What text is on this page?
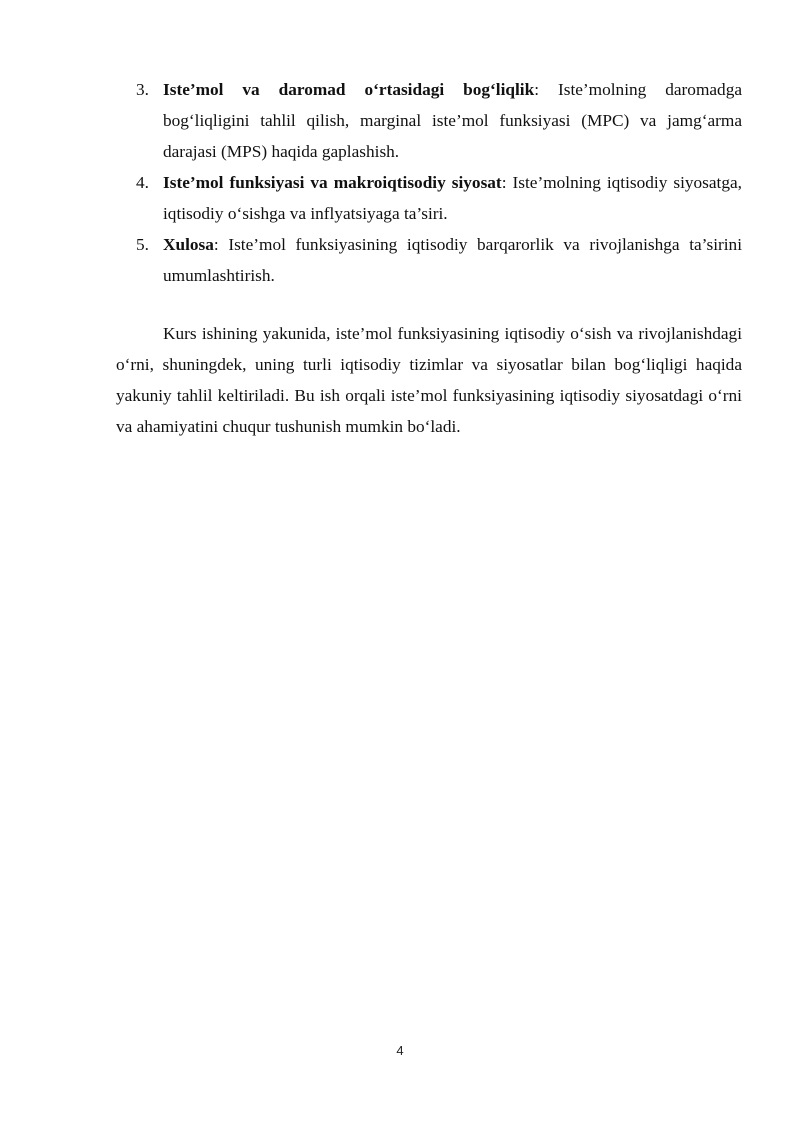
3. Iste’mol va daromad o‘rtasidagi bog‘liqlik: Iste’molning daromadga bog‘liqligini tahlil qilish, marginal iste’mol funksiyasi (MPC) va jamg‘arma darajasi (MPS) haqida gaplashish.
4. Iste’mol funksiyasi va makroiqtisodiy siyosat: Iste’molning iqtisodiy siyosatga, iqtisodiy o‘sishga va inflyatsiyaga ta’siri.
5. Xulosa: Iste’mol funksiyasining iqtisodiy barqarorlik va rivojlanishga ta’sirini umumlashtirish.

Kurs ishining yakunida, iste’mol funksiyasining iqtisodiy o‘sish va rivojlanishdagi o‘rni, shuningdek, uning turli iqtisodiy tizimlar va siyosatlar bilan bog‘liqligi haqida yakuniy tahlil keltiriladi. Bu ish orqali iste’mol funksiyasining iqtisodiy siyosatdagi o‘rni va ahamiyatini chuqur tushunish mumkin bo‘ladi.

4
